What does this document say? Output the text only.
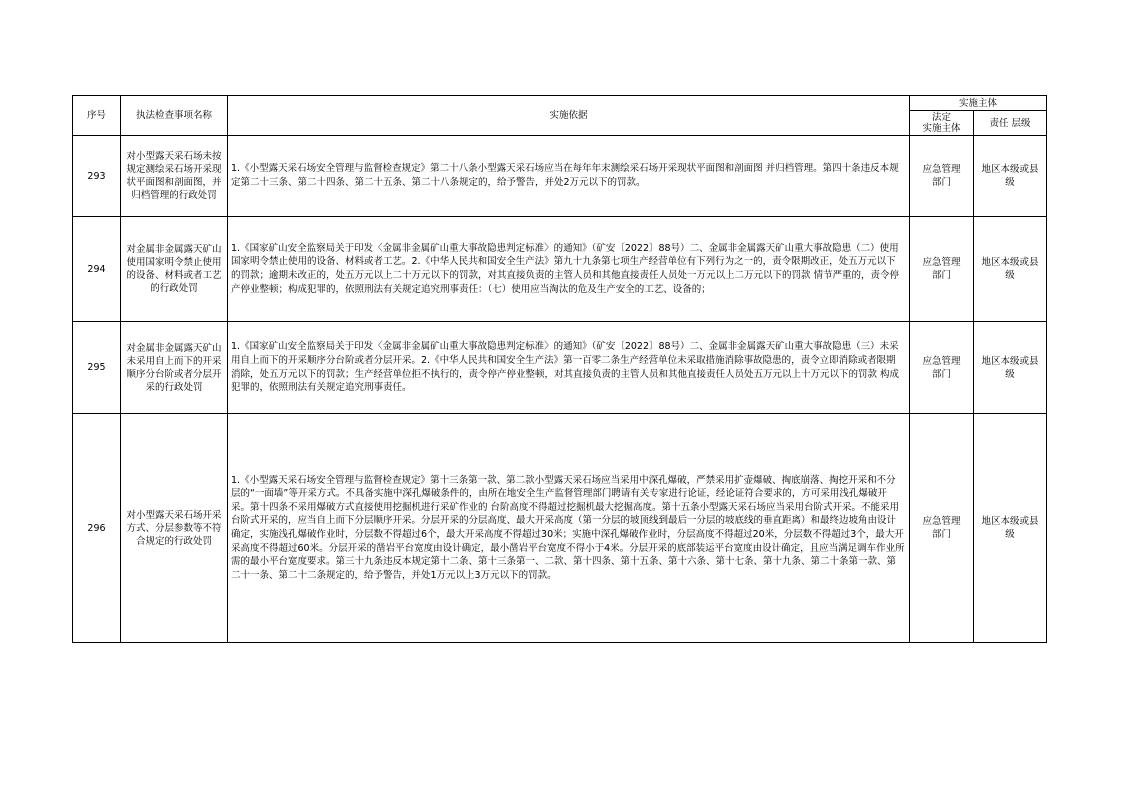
序号	执法检查事项名称	实施依据	实施主体	
			法定
实施主体	责任 层级
293	对小型露天采石场未按规定测绘采石场开采现状平面图和剖面图，并归档管理的行政处罚	1.《小型露天采石场安全管理与监督检查规定》第二十八条小型露天采石场应当在每年年末测绘采石场开采现状平面图和剖面图 并归档管理。第四十条违反本规定第二十三条、第二十四条、第二十五条、第二十八条规定的，给予警告，并处2万元以下的罚款。	应急管理部门	地区本级或县级
294	对金属非金属露天矿山使用国家明令禁止使用的设备、材料或者工艺的行政处罚	1.《国家矿山安全监察局关于印发〈金属非金属矿山重大事故隐患判定标准〉的通知》（矿安〔2022〕88号）二、金属非金属露天矿山重大事故隐患（二）使用国家明令禁止使用的设备、材料或者工艺。2.《中华人民共和国安全生产法》第九十九条第七项生产经营单位有下列行为之一的，责令限期改正，处五万元以下的罚款；逾期未改正的，处五万元以上二十万元以下的罚款，对其直接负责的主管人员和其他直接责任人员处一万元以上二万元以下的罚款 情节严重的，责令停产停业整顿；构成犯罪的，依照刑法有关规定追究刑事责任：（七）使用应当淘汰的危及生产安全的工艺、设备的；	应急管理部门	地区本级或县级
295	对金属非金属露天矿山未采用自上而下的开采顺序分台阶或者分层开采的行政处罚	1.《国家矿山安全监察局关于印发〈金属非金属矿山重大事故隐患判定标准〉的通知》（矿安〔2022〕88号）二、金属非金属露天矿山重大事故隐患（三）未采用自上而下的开采顺序分台阶或者分层开采。2.《中华人民共和国安全生产法》第一百零二条生产经营单位未采取措施消除事故隐患的，责令立即消除或者限期消除，处五万元以下的罚款；生产经营单位拒不执行的，责令停产停业整顿，对其直接负责的主管人员和其他直接责任人员处五万元以上十万元以下的罚款 构成犯罪的，依照刑法有关规定追究刑事责任。	应急管理部门	地区本级或县级
296	对小型露天采石场开采方式、分层参数等不符合规定的行政处罚	1.《小型露天采石场安全管理与监督检查规定》第十三条第一款、第二款小型露天采石场应当采用中深孔爆破，严禁采用扩壶爆破、掏底崩落、掏挖开采和不分层的“一面墙”等开采方式。不具备实施中深孔爆破条件的，由所在地安全生产监督管理部门聘请有关专家进行论证，经论证符合要求的，方可采用浅孔爆破开采。第十四条不采用爆破方式直接使用挖掘机进行采矿作业的 台阶高度不得超过挖掘机最大挖掘高度。第十五条小型露天采石场应当采用台阶式开采。不能采用台阶式开采的，应当自上而下分层顺序开采。分层开采的分层高度、最大开采高度（第一分层的坡顶线到最后一分层的坡底线的垂直距离）和最终边坡角由设计确定，实施浅孔爆破作业时，分层数不得超过6个，最大开采高度不得超过30米；实施中深孔爆破作业时，分层高度不得超过20米，分层数不得超过3个，最大开采高度不得超过60米。分层开采的凿岩平台宽度由设计确定，最小凿岩平台宽度不得小于4米。分层开采的底部装运平台宽度由设计确定，且应当满足调车作业所需的最小平台宽度要求。第三十九条违反本规定第十二条、第十三条第一、二款、第十四条、第十五条、第十六条、第十七条、第十九条、第二十条第一款、第二十一条、第二十二条规定的，给予警告，并处1万元以上3万元以下的罚款。	应急管理部门	地区本级或县级
